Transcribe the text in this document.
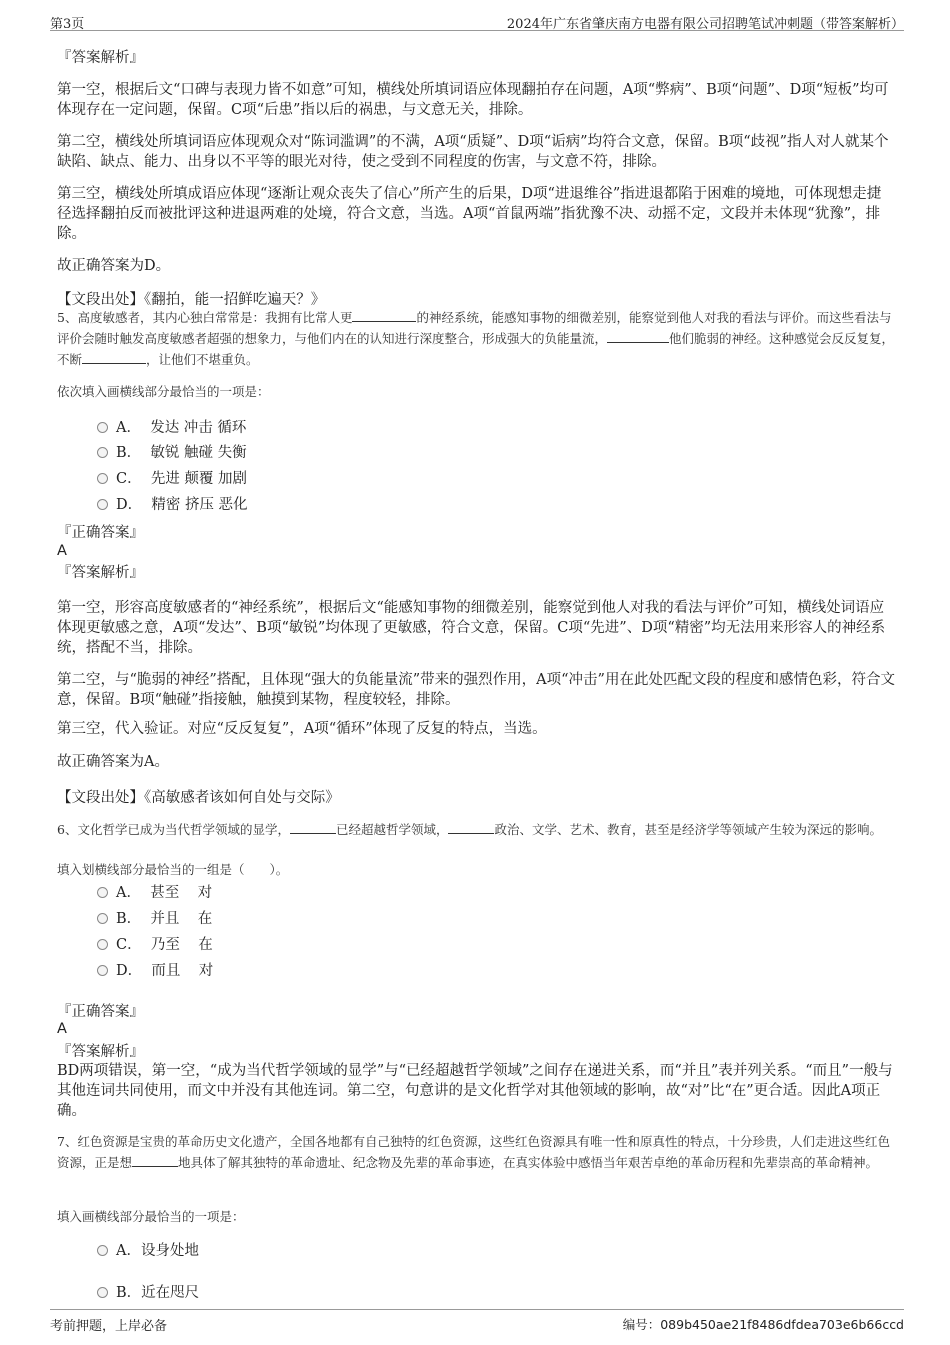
第3页	2024年广东省肇庆南方电器有限公司招聘笔试冲刺题（带答案解析）
『答案解析』
第一空，根据后文“口碑与表现力皆不如意”可知，横线处所填词语应体现翻拍存在问题，A项“弊病”、B项“问题”、D项“短板”均可体现存在一定问题，保留。C项“后患”指以后的祸患，与文意无关，排除。
第二空，横线处所填词语应体现观众对“陈词滥调”的不满，A项“质疑”、D项“诟病”均符合文意，保留。B项“歧视”指人对人就某个缺陷、缺点、能力、出身以不平等的眼光对待，使之受到不同程度的伤害，与文意不符，排除。
第三空，横线处所填成语应体现“逐渐让观众丧失了信心”所产生的后果，D项“进退维谷”指进退都陷于困难的境地，可体现想走捷径选择翻拍反而被批评这种进退两难的处境，符合文意，当选。A项“首鼠两端”指犹豫不决、动摇不定，文段并未体现“犹豫”，排除。
故正确答案为D。
【文段出处】《翻拍，能一招鲜吃遍天？》
5、高度敏感者，其内心独白常常是：我拥有比常人更	的神经系统，能感知事物的细微差别，能察觉到他人对我的看法与评价。而这些看法与评价会随时触发高度敏感者超强的想象力，与他们内在的认知进行深度整合，形成强大的负能量流，	他们脆弱的神经。这种感觉会反反复复，不断	，让他们不堪重负。
依次填入画横线部分最恰当的一项是：
A．  发达 冲击 循环
B．  敏锐 触碰 失衡
C．  先进 颠覆 加剧
D．  精密 挤压 恶化
『正确答案』
A
『答案解析』
第一空，形容高度敏感者的“神经系统”，根据后文“能感知事物的细微差别，能察觉到他人对我的看法与评价”可知，横线处词语应体现更敏感之意，A项“发达”、B项“敏锐”均体现了更敏感，符合文意，保留。C项“先进”、D项“精密”均无法用来形容人的神经系统，搭配不当，排除。
第二空，与“脆弱的神经”搭配，且体现“强大的负能量流”带来的强烈作用，A项“冲击”用在此处匹配文段的程度和感情色彩，符合文意，保留。B项“触碰”指接触，触摸到某物，程度较轻，排除。
第三空，代入验证。对应“反反复复”，A项“循环”体现了反复的特点，当选。
故正确答案为A。
【文段出处】《高敏感者该如何自处与交际》
6、文化哲学已成为当代哲学领域的显学，	已经超越哲学领域，	政治、文学、艺术、教育，甚至是经济学等领域产生较为深远的影响。
填入划横线部分最恰当的一组是（　　）。
A．  甚至    对
B．  并且    在
C．  乃至    在
D．  而且    对
『正确答案』
A
『答案解析』
BD两项错误，第一空，“成为当代哲学领域的显学”与“已经超越哲学领域”之间存在递进关系，而“并且”表并列关系。“而且”一般与其他连词共同使用，而文中并没有其他连词。第二空，句意讲的是文化哲学对其他领域的影响，故“对”比“在”更合适。因此A项正确。
7、红色资源是宝贵的革命历史文化遗产，全国各地都有自己独特的红色资源，这些红色资源具有唯一性和原真性的特点，十分珍贵，人们走进这些红色资源，正是想	地具体了解其独特的革命遗址、纪念物及先辈的革命事迹，在真实体验中感悟当年艰苦卓绝的革命历程和先辈崇高的革命精神。
填入画横线部分最恰当的一项是：
A．设身处地
B．近在咫尺
考前押题，上岸必备	编号：089b450ae21f8486dfdea703e6b66ccd
